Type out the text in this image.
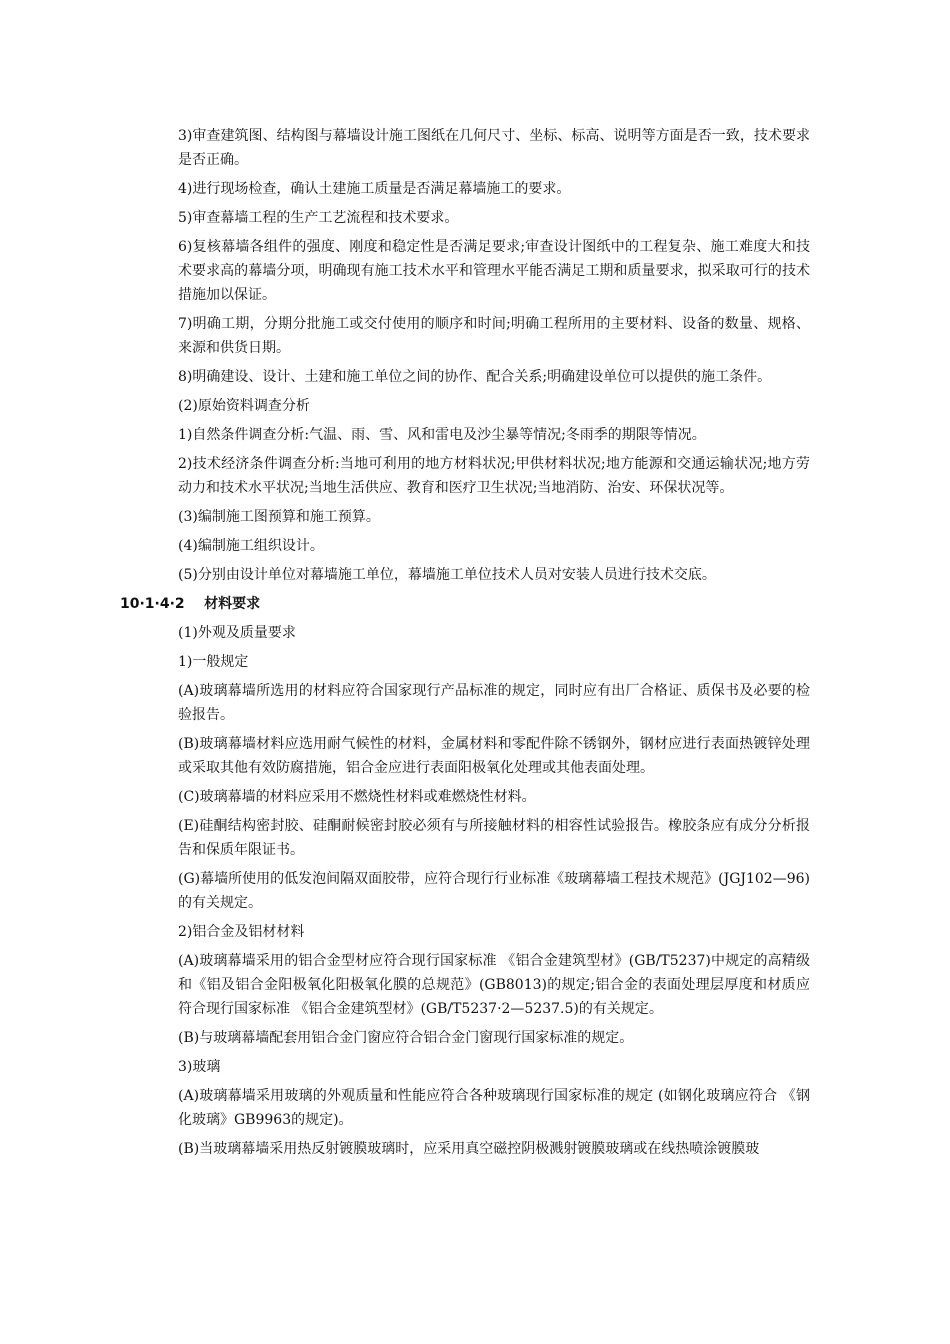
3)审查建筑图、结构图与幕墙设计施工图纸在几何尺寸、坐标、标高、说明等方面是否一致，技术要求是否正确。

4)进行现场检查，确认土建施工质量是否满足幕墙施工的要求。

5)审查幕墙工程的生产工艺流程和技术要求。

6)复核幕墙各组件的强度、刚度和稳定性是否满足要求;审查设计图纸中的工程复杂、施工难度大和技术要求高的幕墙分项，明确现有施工技术水平和管理水平能否满足工期和质量要求，拟采取可行的技术措施加以保证。

7)明确工期，分期分批施工或交付使用的顺序和时间;明确工程所用的主要材料、设备的数量、规格、来源和供货日期。

8)明确建设、设计、土建和施工单位之间的协作、配合关系;明确建设单位可以提供的施工条件。

(2)原始资料调查分析

1)自然条件调查分析:气温、雨、雪、风和雷电及沙尘暴等情况;冬雨季的期限等情况。

2)技术经济条件调查分析:当地可利用的地方材料状况;甲供材料状况;地方能源和交通运输状况;地方劳动力和技术水平状况;当地生活供应、教育和医疗卫生状况;当地消防、治安、环保状况等。

(3)编制施工图预算和施工预算。

(4)编制施工组织设计。

(5)分别由设计单位对幕墙施工单位，幕墙施工单位技术人员对安装人员进行技术交底。

10·1·4·2    材料要求

(1)外观及质量要求

1)一般规定

(A)玻璃幕墙所选用的材料应符合国家现行产品标准的规定，同时应有出厂合格证、质保书及必要的检验报告。

(B)玻璃幕墙材料应选用耐气候性的材料，金属材料和零配件除不锈钢外，钢材应进行表面热镀锌处理或采取其他有效防腐措施，铝合金应进行表面阳极氧化处理或其他表面处理。

(C)玻璃幕墙的材料应采用不燃烧性材料或难燃烧性材料。

(E)硅酮结构密封胶、硅酮耐候密封胶必须有与所接触材料的相容性试验报告。橡胶条应有成分分析报告和保质年限证书。

(G)幕墙所使用的低发泡间隔双面胶带，应符合现行行业标准《玻璃幕墙工程技术规范》(JGJ102—96)的有关规定。

2)铝合金及铝材材料

(A)玻璃幕墙采用的铝合金型材应符合现行国家标准 《铝合金建筑型材》(GB/T5237)中规定的高精级和《铝及铝合金阳极氧化阳极氧化膜的总规范》(GB8013)的规定;铝合金的表面处理层厚度和材质应符合现行国家标准 《铝合金建筑型材》(GB/T5237·2—5237.5)的有关规定。

(B)与玻璃幕墙配套用铝合金门窗应符合铝合金门窗现行国家标准的规定。

3)玻璃

(A)玻璃幕墙采用玻璃的外观质量和性能应符合各种玻璃现行国家标准的规定 (如钢化玻璃应符合 《钢化玻璃》GB9963的规定)。

(B)当玻璃幕墙采用热反射镀膜玻璃时，应采用真空磁控阴极溅射镀膜玻璃或在线热喷涂镀膜玻
